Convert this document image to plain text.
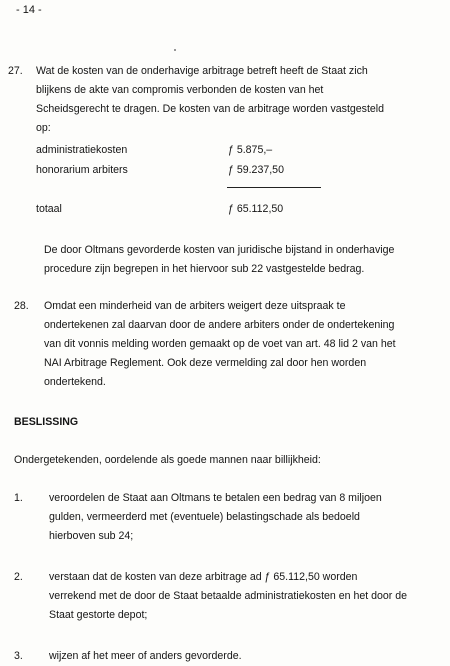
- 14 -
27. Wat de kosten van de onderhavige arbitrage betreft heeft de Staat zich
blijkens de akte van compromis verbonden de kosten van het
Scheidsgerecht te dragen. De kosten van de arbitrage worden vastgesteld
op:
administratiekosten	ƒ 5.875,–
honorarium arbiters	ƒ 59.237,50
totaal	ƒ 65.112,50
De door Oltmans gevorderde kosten van juridische bijstand in onderhavige
procedure zijn begrepen in het hiervoor sub 22 vastgestelde bedrag.
28. Omdat een minderheid van de arbiters weigert deze uitspraak te
ondertekenen zal daarvan door de andere arbiters onder de ondertekening
van dit vonnis melding worden gemaakt op de voet van art. 48 lid 2 van het
NAI Arbitrage Reglement. Ook deze vermelding zal door hen worden
ondertekend.
BESLISSING
Ondergetekenden, oordelende als goede mannen naar billijkheid:
1. veroordelen de Staat aan Oltmans te betalen een bedrag van 8 miljoen
gulden, vermeerderd met (eventuele) belastingschade als bedoeld
hierboven sub 24;
2. verstaan dat de kosten van deze arbitrage ad ƒ 65.112,50 worden
verrekend met de door de Staat betaalde administratiekosten en het door de
Staat gestorte depot;
3. wijzen af het meer of anders gevorderde.
